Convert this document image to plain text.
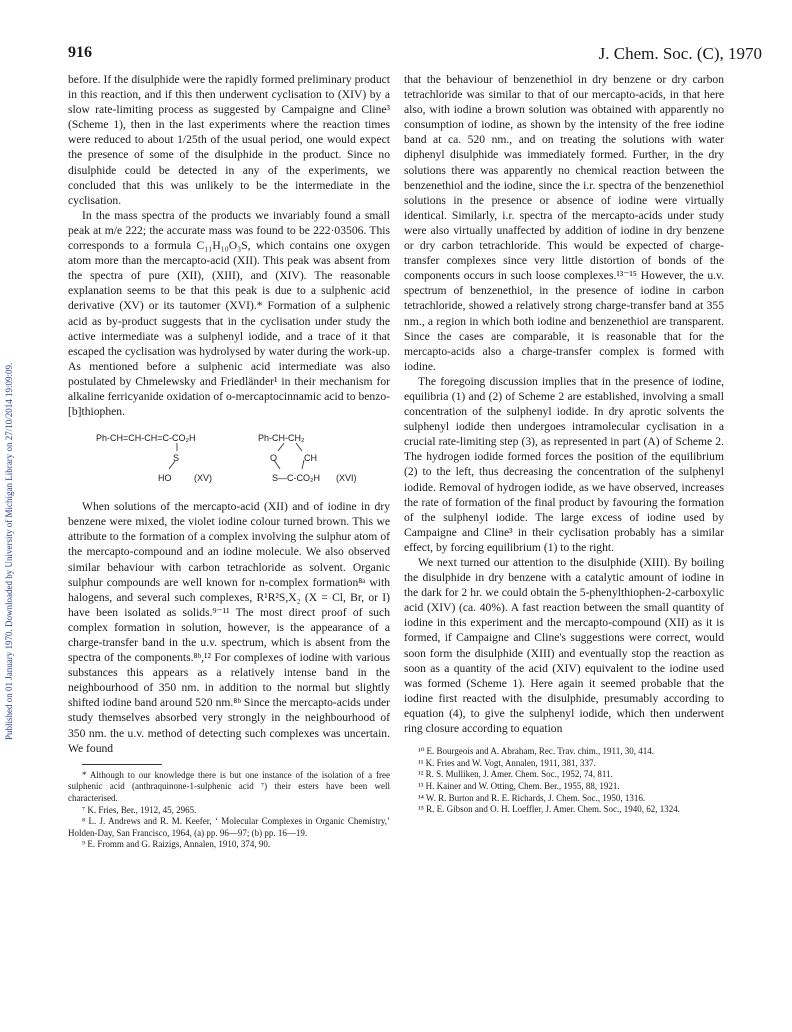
916	J. Chem. Soc. (C), 1970
Published on 01 January 1970. Downloaded by University of Michigan Library on 27/10/2014 19:09:09.

before. If the disulphide were the rapidly formed preliminary product in this reaction, and if this then underwent cyclisation to (XIV) by a slow rate-limiting process as suggested by Campaigne and Cline³ (Scheme 1), then in the last experiments where the reaction times were reduced to about 1/25th of the usual period, one would expect the presence of some of the disulphide in the product. Since no disulphide could be detected in any of the experiments, we concluded that this was unlikely to be the intermediate in the cyclisation.

In the mass spectra of the products we invariably found a small peak at m/e 222; the accurate mass was found to be 222·03506. This corresponds to a formula C₁₁H₁₀O₃S, which contains one oxygen atom more than the mercapto-acid (XII). This peak was absent from the spectra of pure (XII), (XIII), and (XIV). The reasonable explanation seems to be that this peak is due to a sulphenic acid derivative (XV) or its tautomer (XVI).* Formation of a sulphenic acid as by-product suggests that in the cyclisation under study the active intermediate was a sulphenyl iodide, and a trace of it that escaped the cyclisation was hydrolysed by water during the work-up. As mentioned before a sulphenic acid intermediate was also postulated by Chmelewsky and Friedländer¹ in their mechanism for alkaline ferricyanide oxidation of o-mercaptocinnamic acid to benzo-[b]thiophen.

Ph-CH=CH-CH=C-CO₂H
S
HO	(XV)
Ph-CH-CH₂
O	CH
S—C-CO₂H (XVI)

When solutions of the mercapto-acid (XII) and of iodine in dry benzene were mixed, the violet iodine colour turned brown. This we attribute to the formation of a complex involving the sulphur atom of the mercapto-compound and an iodine molecule. We also observed similar behaviour with carbon tetrachloride as solvent. Organic sulphur compounds are well known for n-complex formation⁸ᵃ with halogens, and several such complexes, R¹R²S,X₂ (X = Cl, Br, or I) have been isolated as solids.⁹⁻¹¹ The most direct proof of such complex formation in solution, however, is the appearance of a charge-transfer band in the u.v. spectrum, which is absent from the spectra of the components.⁸ᵇ,¹² For complexes of iodine with various substances this appears as a relatively intense band in the neighbourhood of 350 nm. in addition to the normal but slightly shifted iodine band around 520 nm.⁸ᵇ Since the mercapto-acids under study themselves absorbed very strongly in the neighbourhood of 350 nm. the u.v. method of detecting such complexes was uncertain. We found

* Although to our knowledge there is but one instance of the isolation of a free sulphenic acid (anthraquinone-1-sulphenic acid ⁷) their esters have been well characterised.

⁷ K. Fries, Ber., 1912, 45, 2965.

⁸ L. J. Andrews and R. M. Keefer, ‘ Molecular Complexes in Organic Chemistry,’ Holden-Day, San Francisco, 1964, (a) pp. 96—97; (b) pp. 16—19.

⁹ E. Fromm and G. Raizigs, Annalen, 1910, 374, 90.

that the behaviour of benzenethiol in dry benzene or dry carbon tetrachloride was similar to that of our mercapto-acids, in that here also, with iodine a brown solution was obtained with apparently no consumption of iodine, as shown by the intensity of the free iodine band at ca. 520 nm., and on treating the solutions with water diphenyl disulphide was immediately formed. Further, in the dry solutions there was apparently no chemical reaction between the benzenethiol and the iodine, since the i.r. spectra of the benzenethiol solutions in the presence or absence of iodine were virtually identical. Similarly, i.r. spectra of the mercapto-acids under study were also virtually unaffected by addition of iodine in dry benzene or dry carbon tetrachloride. This would be expected of charge-transfer complexes since very little distortion of bonds of the components occurs in such loose complexes.¹³⁻¹⁵ However, the u.v. spectrum of benzenethiol, in the presence of iodine in carbon tetrachloride, showed a relatively strong charge-transfer band at 355 nm., a region in which both iodine and benzenethiol are transparent. Since the cases are comparable, it is reasonable that for the mercapto-acids also a charge-transfer complex is formed with iodine.

The foregoing discussion implies that in the presence of iodine, equilibria (1) and (2) of Scheme 2 are established, involving a small concentration of the sulphenyl iodide. In dry aprotic solvents the sulphenyl iodide then undergoes intramolecular cyclisation in a crucial rate-limiting step (3), as represented in part (A) of Scheme 2. The hydrogen iodide formed forces the position of the equilibrium (2) to the left, thus decreasing the concentration of the sulphenyl iodide. Removal of hydrogen iodide, as we have observed, increases the rate of formation of the final product by favouring the formation of the sulphenyl iodide. The large excess of iodine used by Campaigne and Cline³ in their cyclisation probably has a similar effect, by forcing equilibrium (1) to the right.

We next turned our attention to the disulphide (XIII). By boiling the disulphide in dry benzene with a catalytic amount of iodine in the dark for 2 hr. we could obtain the 5-phenylthiophen-2-carboxylic acid (XIV) (ca. 40%). A fast reaction between the small quantity of iodine in this experiment and the mercapto-compound (XII) as it is formed, if Campaigne and Cline's suggestions were correct, would soon form the disulphide (XIII) and eventually stop the reaction as soon as a quantity of the acid (XIV) equivalent to the iodine used was formed (Scheme 1). Here again it seemed probable that the iodine first reacted with the disulphide, presumably according to equation (4), to give the sulphenyl iodide, which then underwent ring closure according to equation

¹⁰ E. Bourgeois and A. Abraham, Rec. Trav. chim., 1911, 30, 414.

¹¹ K. Fries and W. Vogt, Annalen, 1911, 381, 337.

¹² R. S. Mulliken, J. Amer. Chem. Soc., 1952, 74, 811.

¹³ H. Kainer and W. Otting, Chem. Ber., 1955, 88, 1921.

¹⁴ W. R. Burton and R. E. Richards, J. Chem. Soc., 1950, 1316.

¹⁵ R. E. Gibson and O. H. Loeffler, J. Amer. Chem. Soc., 1940, 62, 1324.
